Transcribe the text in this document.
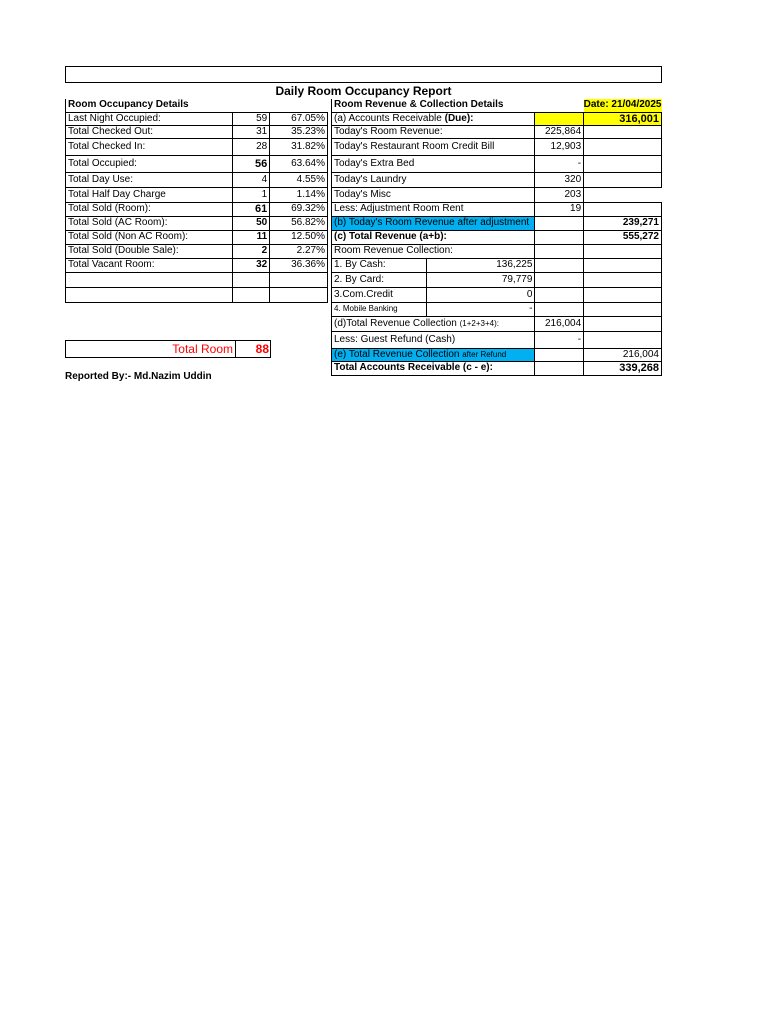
Daily Room Occupancy Report
Room Occupancy Details		
Last Night Occupied:	59	67.05%
Total Checked Out:	31	35.23%
Total Checked In:	28	31.82%
Total Occupied:	56	63.64%
Total Day Use:	4	4.55%
Total Half Day Charge	1	1.14%
Total Sold (Room):	61	69.32%
Total Sold (AC Room):	50	56.82%
Total Sold (Non AC Room):	11	12.50%
Total Sold (Double Sale):	2	2.27%
Total Vacant Room:	32	36.36%

Room Revenue & Collection Details			Date: 21/04/2025
(a) Accounts Receivable (Due):			316,001
Today's Room Revenue:		225,864	
Today's Restaurant Room Credit Bill		12,903	
Today's Extra Bed		-	
Today's Laundry		320	
Today's Misc		203	
Less: Adjustment Room Rent		19	
(b) Today's Room Revenue after adjustment			239,271
(c) Total Revenue (a+b):			555,272
Room Revenue Collection:			
1. By Cash:	136,225		
2. By Card:	79,779		
3.Com.Credit	0		
4. Mobile Banking	-		
(d)Total Revenue Collection (1+2+3+4):		216,004	
Less: Guest Refund (Cash)		-	
(e) Total Revenue Collection after Refund			216,004
Total Accounts Receivable (c - e):			339,268
Total Room	88
Reported By:- Md.Nazim Uddin
